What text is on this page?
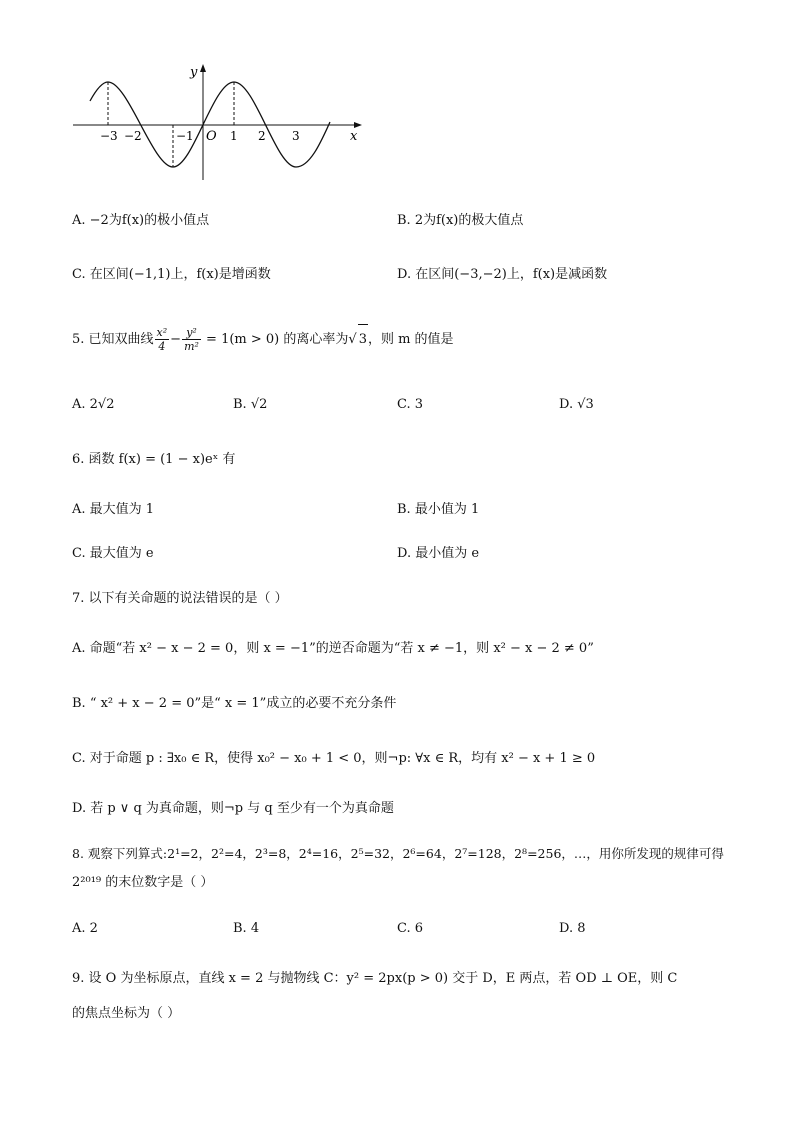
y
x
O
−3 −2	−1	1 2 3
A. −2为f(x)的极小值点	B. 2为f(x)的极大值点
C. 在区间(−1,1)上，f(x)是增函数	D. 在区间(−3,−2)上，f(x)是减函数
5. 已知双曲线 $\frac{\text{x²}}{4} - \frac{\text{y²}}{\text{m²}} = 1(m > 0)$ 的离心率为√ 3，则 m 的值是
A. 2√2	B. √2	C. 3	D. √3
6. 函数 f(x) = (1 − x)eˣ 有
A. 最大值为 1	B. 最小值为 1
C. 最大值为 e	D. 最小值为 e
7. 以下有关命题的说法错误的是（ ）
A. 命题“若 x² − x − 2 = 0，则 x = −1”的逆否命题为“若 x ≠ −1，则 x² − x − 2 ≠ 0”
B. “ x² + x − 2 = 0”是“ x = 1”成立的必要不充分条件
C. 对于命题 p : ∃x₀ ∈ R，使得 x₀² − x₀ + 1 < 0，则¬p: ∀x ∈ R，均有 x² − x + 1 ≥ 0
D. 若 p ∨ q 为真命题，则¬p 与 q 至少有一个为真命题
8. 观察下列算式:2¹=2，2²=4，2³=8，2⁴=16，2⁵=32，2⁶=64，2⁷=128，2⁸=256，…，用你所发现的规律可得
2²⁰¹⁹ 的末位数字是（ ）
A. 2	B. 4	C. 6	D. 8
9. 设 O 为坐标原点，直线 x = 2 与抛物线 C：y² = 2px(p > 0) 交于 D，E 两点，若 OD ⊥ OE，则 C
的焦点坐标为（ ）
